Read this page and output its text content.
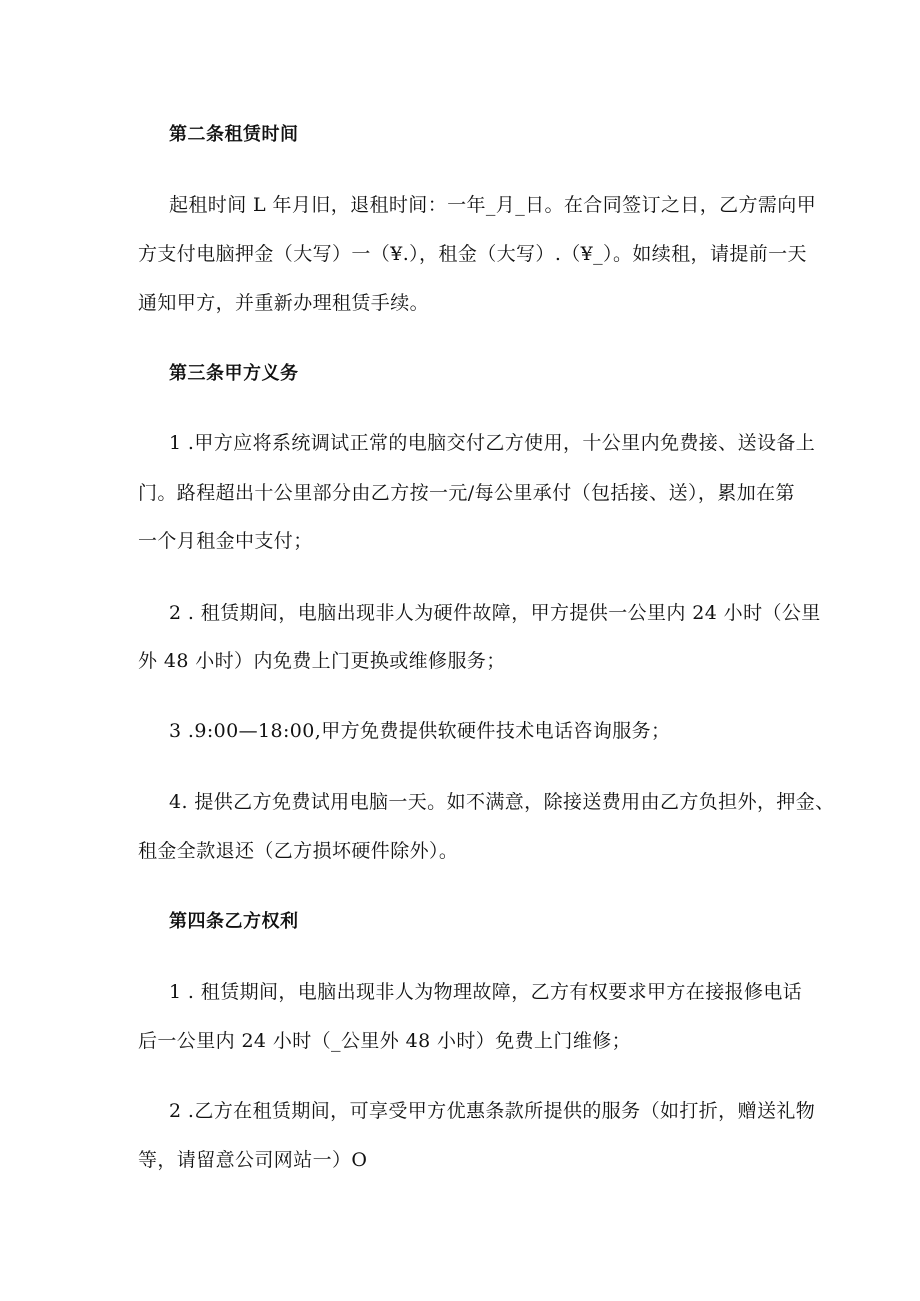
第二条租赁时间
起租时间 L 年月旧，退租时间：一年_月_日。在合同签订之日，乙方需向甲
方支付电脑押金（大写）一（¥.），租金（大写）.（¥_）。如续租，请提前一天
通知甲方，并重新办理租赁手续。
第三条甲方义务
1 .甲方应将系统调试正常的电脑交付乙方使用，十公里内免费接、送设备上
门。路程超出十公里部分由乙方按一元/每公里承付（包括接、送），累加在第
一个月租金中支付；
2 . 租赁期间，电脑出现非人为硬件故障，甲方提供一公里内 24 小时（公里
外 48 小时）内免费上门更换或维修服务；
3 .9:00—18:00,甲方免费提供软硬件技术电话咨询服务；
4. 提供乙方免费试用电脑一天。如不满意，除接送费用由乙方负担外，押金、
租金全款退还（乙方损坏硬件除外）。
第四条乙方权利
1 . 租赁期间，电脑出现非人为物理故障，乙方有权要求甲方在接报修电话
后一公里内 24 小时（_公里外 48 小时）免费上门维修；
2 .乙方在租赁期间，可享受甲方优惠条款所提供的服务（如打折，赠送礼物
等，请留意公司网站一）O
